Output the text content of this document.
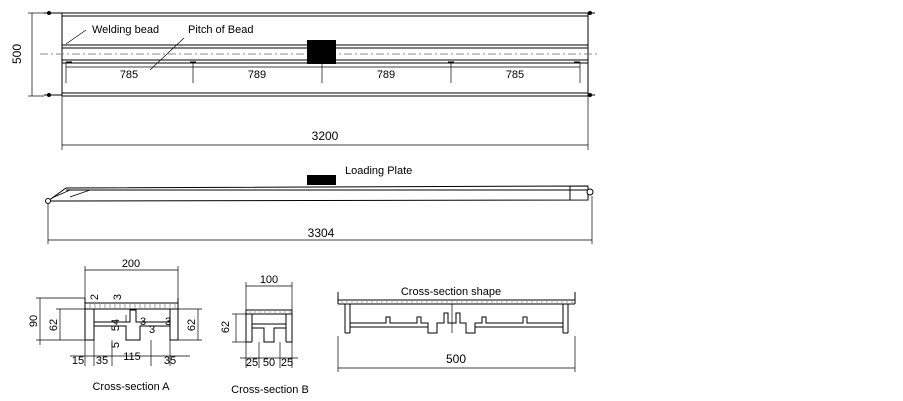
Welding bead	Pitch of Bead
785	789	789	785
500
3200
Loading Plate
3304
200
90 62	62
2 3
54
5
3
3
3
15 35 115 35
Cross-section A
100
62
25 50 25
Cross-section B
Cross-section shape
500
